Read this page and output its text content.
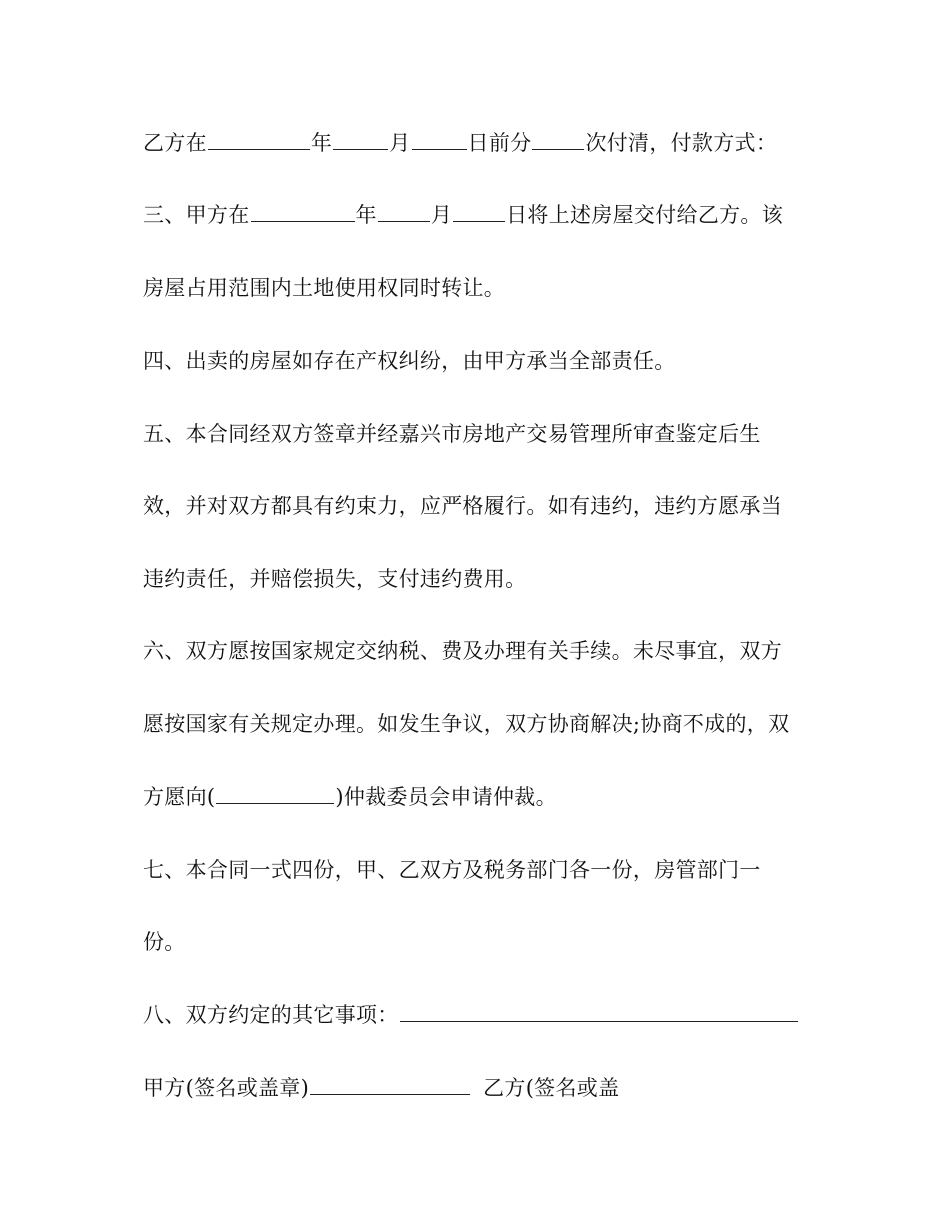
乙方在	年	月	日前分	次付清，付款方式：
三、甲方在	年	月	日将上述房屋交付给乙方。该
房屋占用范围内土地使用权同时转让。
四、出卖的房屋如存在产权纠纷，由甲方承当全部责任。
五、本合同经双方签章并经嘉兴市房地产交易管理所审查鉴定后生
效，并对双方都具有约束力，应严格履行。如有违约，违约方愿承当
违约责任，并赔偿损失，支付违约费用。
六、双方愿按国家规定交纳税、费及办理有关手续。未尽事宜，双方
愿按国家有关规定办理。如发生争议，双方协商解决;协商不成的，双
方愿向(	)仲裁委员会申请仲裁。
七、本合同一式四份，甲、乙双方及税务部门各一份，房管部门一
份。
八、双方约定的其它事项：
甲方(签名或盖章)	乙方(签名或盖
